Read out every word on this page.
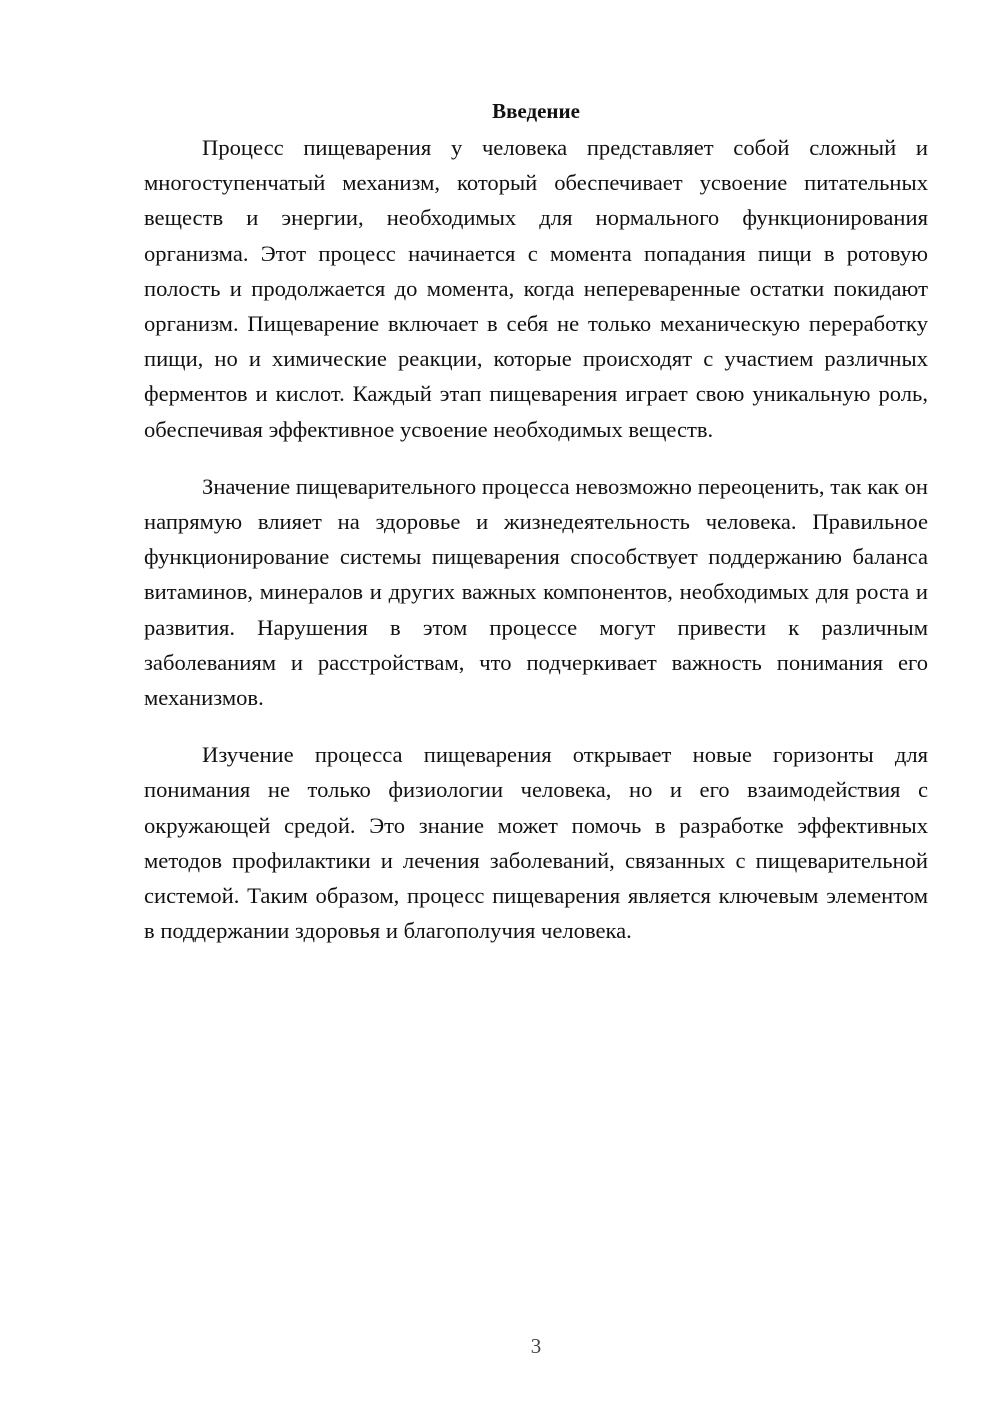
Введение

Процесс пищеварения у человека представляет собой сложный и многоступенчатый механизм, который обеспечивает усвоение питательных веществ и энергии, необходимых для нормального функционирования организма. Этот процесс начинается с момента попадания пищи в ротовую полость и продолжается до момента, когда непереваренные остатки покидают организм. Пищеварение включает в себя не только механическую переработку пищи, но и химические реакции, которые происходят с участием различных ферментов и кислот. Каждый этап пищеварения играет свою уникальную роль, обеспечивая эффективное усвоение необходимых веществ.

Значение пищеварительного процесса невозможно переоценить, так как он напрямую влияет на здоровье и жизнедеятельность человека. Правильное функционирование системы пищеварения способствует поддержанию баланса витаминов, минералов и других важных компонентов, необходимых для роста и развития. Нарушения в этом процессе могут привести к различным заболеваниям и расстройствам, что подчеркивает важность понимания его механизмов.

Изучение процесса пищеварения открывает новые горизонты для понимания не только физиологии человека, но и его взаимодействия с окружающей средой. Это знание может помочь в разработке эффективных методов профилактики и лечения заболеваний, связанных с пищеварительной системой. Таким образом, процесс пищеварения является ключевым элементом в поддержании здоровья и благополучия человека.

3
